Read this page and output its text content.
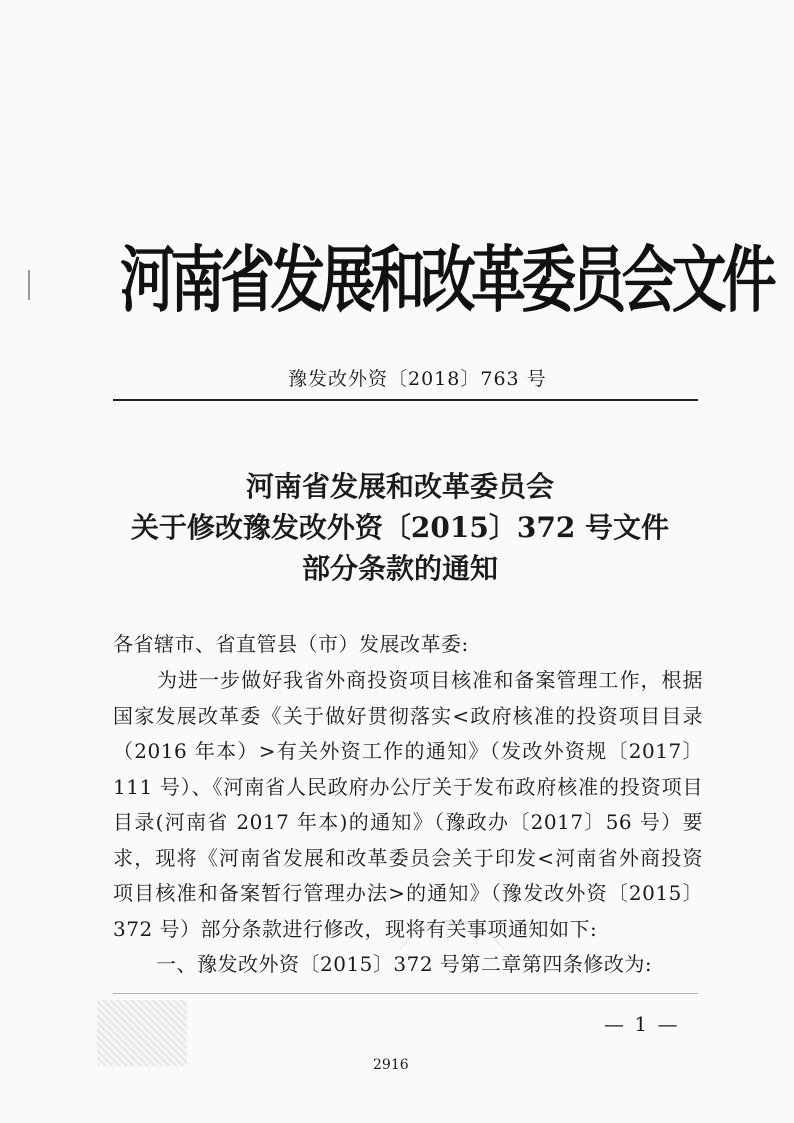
河南省发展和改革委员会文件
豫发改外资〔2018〕763 号
河南省发展和改革委员会
关于修改豫发改外资〔2015〕372 号文件
部分条款的通知
各省辖市、省直管县（市）发展改革委:
为进一步做好我省外商投资项目核准和备案管理工作，根据国家发展改革委《关于做好贯彻落实<政府核准的投资项目目录（2016 年本）>有关外资工作的通知》（发改外资规〔2017〕111 号）、《河南省人民政府办公厅关于发布政府核准的投资项目目录(河南省 2017 年本)的通知》（豫政办〔2017〕56 号）要求，现将《河南省发展和改革委员会关于印发<河南省外商投资项目核准和备案暂行管理办法>的通知》（豫发改外资〔2015〕372 号）部分条款进行修改，现将有关事项通知如下:
一、豫发改外资〔2015〕372 号第二章第四条修改为:
— 1 —
2916
